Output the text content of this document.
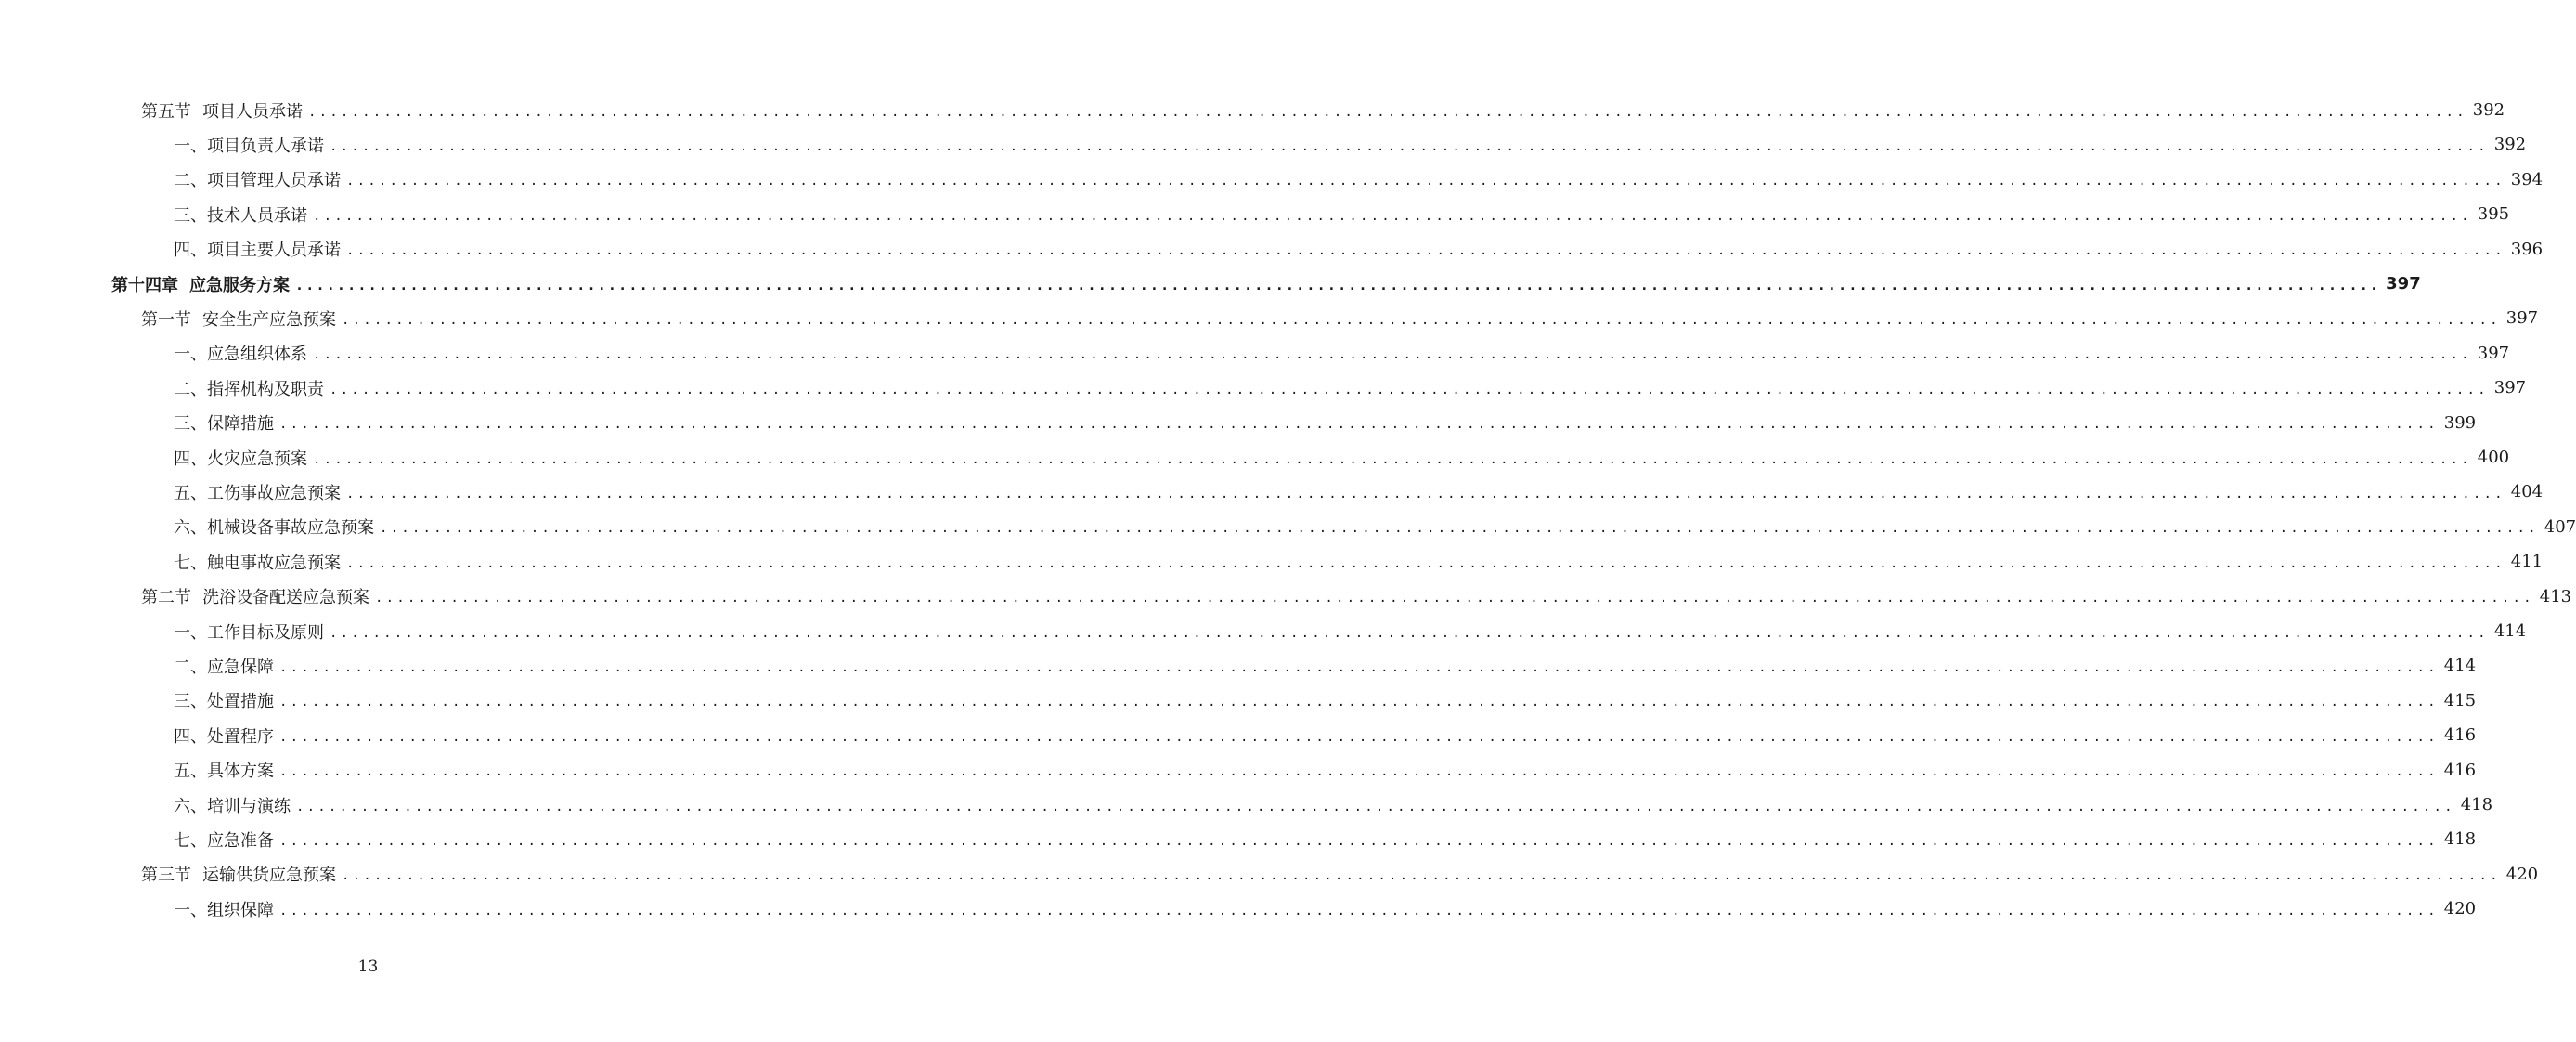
第五节 项目人员承诺 ........................................................................................................................................................................................................ 392
一、 项目负责人承诺 ........................................................................................................................................................................................................ 392
二、 项目管理人员承诺 ........................................................................................................................................................................................................ 394
三、 技术人员承诺 ........................................................................................................................................................................................................ 395
四、 项目主要人员承诺 ........................................................................................................................................................................................................ 396
第十四章 应急服务方案 ........................................................................................................................................................................................................ 397
第一节 安全生产应急预案 ........................................................................................................................................................................................................ 397
一、 应急组织体系 ........................................................................................................................................................................................................ 397
二、 指挥机构及职责 ........................................................................................................................................................................................................ 397
三、 保障措施 ........................................................................................................................................................................................................ 399
四、 火灾应急预案 ........................................................................................................................................................................................................ 400
五、 工伤事故应急预案 ........................................................................................................................................................................................................ 404
六、 机械设备事故应急预案 ........................................................................................................................................................................................................ 407
七、 触电事故应急预案 ........................................................................................................................................................................................................ 411
第二节 洗浴设备配送应急预案 ........................................................................................................................................................................................................ 413
一、 工作目标及原则 ........................................................................................................................................................................................................ 414
二、 应急保障 ........................................................................................................................................................................................................ 414
三、 处置措施 ........................................................................................................................................................................................................ 415
四、 处置程序 ........................................................................................................................................................................................................ 416
五、 具体方案 ........................................................................................................................................................................................................ 416
六、 培训与演练 ........................................................................................................................................................................................................ 418
七、 应急准备 ........................................................................................................................................................................................................ 418
第三节 运输供货应急预案 ........................................................................................................................................................................................................ 420
一、 组织保障 ........................................................................................................................................................................................................ 420
13
